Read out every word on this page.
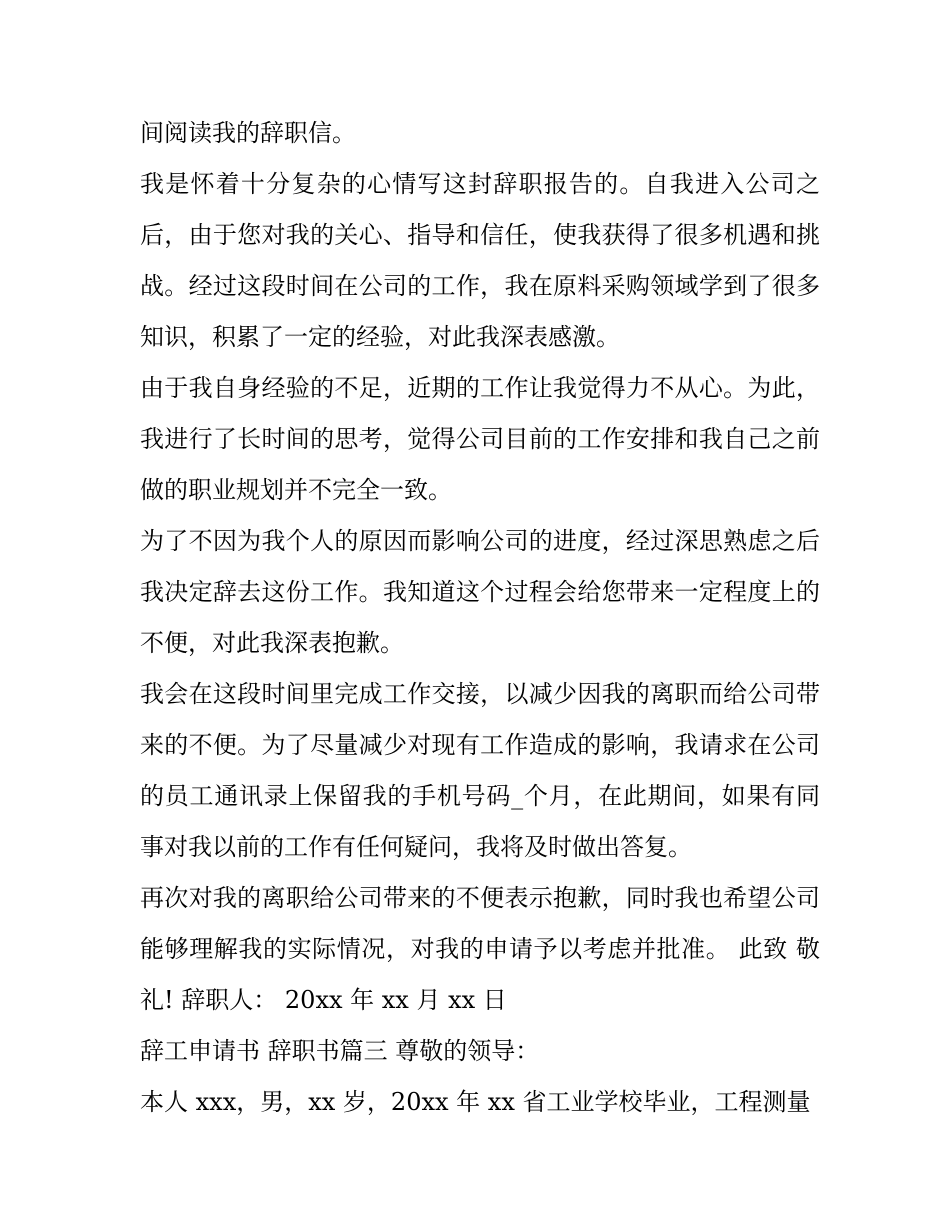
间阅读我的辞职信。

我是怀着十分复杂的心情写这封辞职报告的。自我进入公司之后，由于您对我的关心、指导和信任，使我获得了很多机遇和挑战。经过这段时间在公司的工作，我在原料采购领域学到了很多知识，积累了一定的经验，对此我深表感激。

由于我自身经验的不足，近期的工作让我觉得力不从心。为此，我进行了长时间的思考，觉得公司目前的工作安排和我自己之前做的职业规划并不完全一致。

为了不因为我个人的原因而影响公司的进度，经过深思熟虑之后我决定辞去这份工作。我知道这个过程会给您带来一定程度上的不便，对此我深表抱歉。

我会在这段时间里完成工作交接，以减少因我的离职而给公司带来的不便。为了尽量减少对现有工作造成的影响，我请求在公司的员工通讯录上保留我的手机号码_个月，在此期间，如果有同事对我以前的工作有任何疑问，我将及时做出答复。

再次对我的离职给公司带来的不便表示抱歉，同时我也希望公司能够理解我的实际情况，对我的申请予以考虑并批准。 此致 敬礼! 辞职人： 20xx 年 xx 月 xx 日

辞工申请书 辞职书篇三 尊敬的领导：

本人 xxx，男，xx 岁，20xx 年 xx 省工业学校毕业，工程测量
